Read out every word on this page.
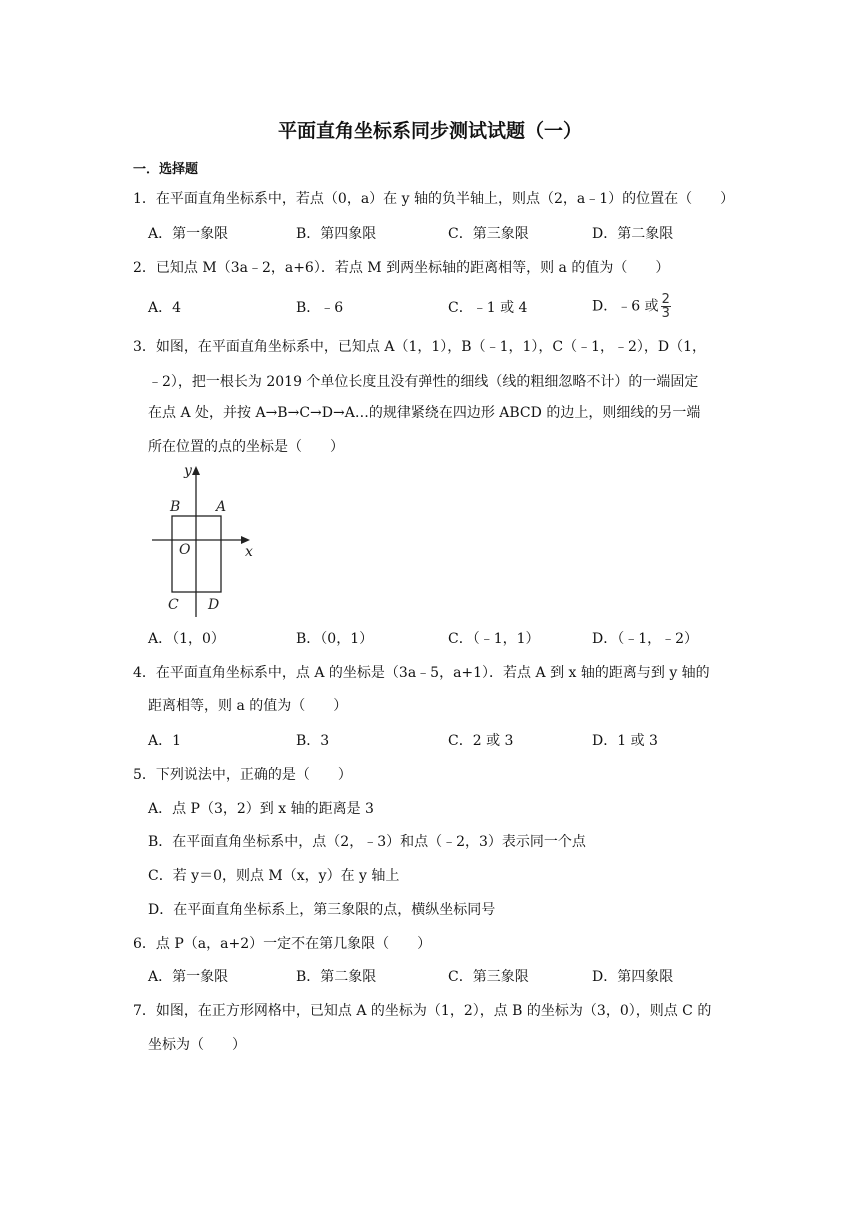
平面直角坐标系同步测试试题（一）
一．选择题
1．在平面直角坐标系中，若点（0，a）在 y 轴的负半轴上，则点（2，a﹣1）的位置在（　　）
A．第一象限	B．第四象限	C．第三象限	D．第二象限
2．已知点 M（3a﹣2，a+6）．若点 M 到两坐标轴的距离相等，则 a 的值为（　　）
A．4	B．﹣6	C．﹣1 或 4	D．﹣6 或 $\frac{2}{3}$
3．如图，在平面直角坐标系中，已知点 A（1，1），B（﹣1，1），C（﹣1，﹣2），D（1，
﹣2），把一根长为 2019 个单位长度且没有弹性的细线（线的粗细忽略不计）的一端固定
在点 A 处，并按 A→B→C→D→A…的规律紧绕在四边形 ABCD 的边上，则细线的另一端
所在位置的点的坐标是（　　）
y
x
O
A
B
C D
A．（1，0）	B．（0，1）	C．（﹣1，1）	D．（﹣1，﹣2）
4．在平面直角坐标系中，点 A 的坐标是（3a﹣5，a+1）．若点 A 到 x 轴的距离与到 y 轴的
距离相等，则 a 的值为（　　）
A．1	B．3	C．2 或 3	D．1 或 3
5．下列说法中，正确的是（　　）
A．点 P（3，2）到 x 轴的距离是 3
B．在平面直角坐标系中，点（2，﹣3）和点（﹣2，3）表示同一个点
C．若 y＝0，则点 M（x，y）在 y 轴上
D．在平面直角坐标系上，第三象限的点，横纵坐标同号
6．点 P（a，a+2）一定不在第几象限（　　）
A．第一象限	B．第二象限	C．第三象限	D．第四象限
7．如图，在正方形网格中，已知点 A 的坐标为（1，2），点 B 的坐标为（3，0），则点 C 的
坐标为（　　）
